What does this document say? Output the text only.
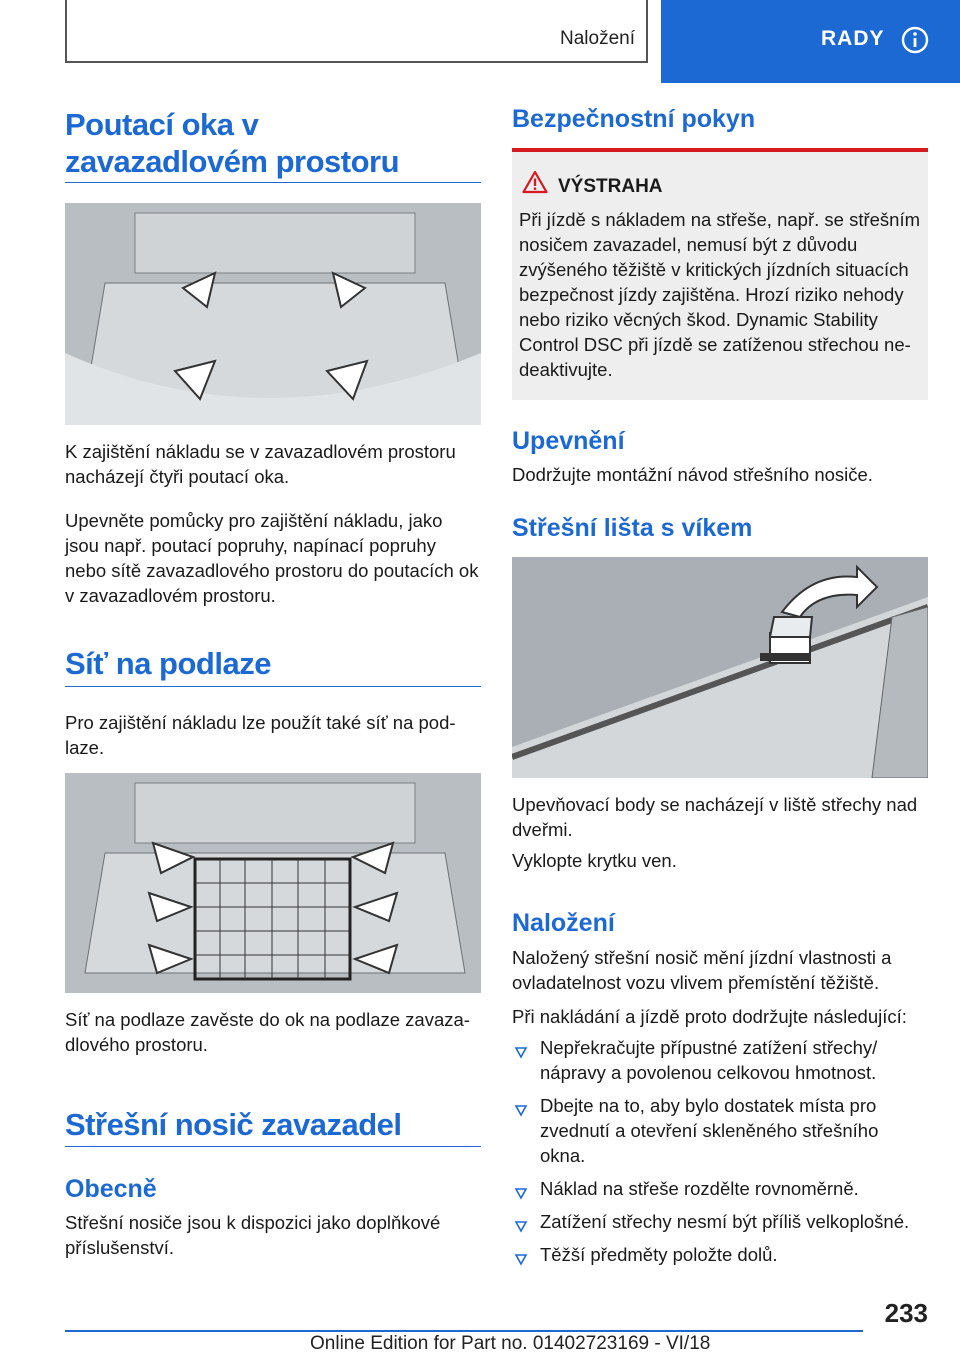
Naložení	RADY
Poutací oka v zavazadlovém prostoru

K zajištění nákladu se v zavazadlovém prostoru nacházejí čtyři poutací oka.

Upevněte pomůcky pro zajištění nákladu, jako jsou např. poutací popruhy, napínací popruhy nebo sítě zavazadlového prostoru do poutacích ok v zavazadlovém prostoru.

Síť na podlaze

Pro zajištění nákladu lze použít také síť na podlaze.

Síť na podlaze zavěste do ok na podlaze zavazadlového prostoru.

Střešní nosič zavazadel
Obecně

Střešní nosiče jsou k dispozici jako doplňkové příslušenství.

Bezpečnostní pokyn
VÝSTRAHA

Při jízdě s nákladem na střeše, např. se střešním nosičem zavazadel, nemusí být z důvodu zvýšeného těžiště v kritických jízdních situacích bezpečnost jízdy zajištěna. Hrozí riziko nehody nebo riziko věcných škod. Dynamic Stability Control DSC při jízdě se zatíženou střechou nedeaktivujte.

Upevnění

Dodržujte montážní návod střešního nosiče.

Střešní lišta s víkem

Upevňovací body se nacházejí v liště střechy nad dveřmi.

Vyklopte krytku ven.

Naložení

Naložený střešní nosič mění jízdní vlastnosti a ovladatelnost vozu vlivem přemístění těžiště.

Při nakládání a jízdě proto dodržujte následující:

Nepřekračujte přípustné zatížení střechy/ nápravy a povolenou celkovou hmotnost.
Dbejte na to, aby bylo dostatek místa pro zvednutí a otevření skleněného střešního okna.
Náklad na střeše rozdělte rovnoměrně.
Zatížení střechy nesmí být příliš velkoplošné.
Těžší předměty položte dolů.
233
Online Edition for Part no. 01402723169 - VI/18
